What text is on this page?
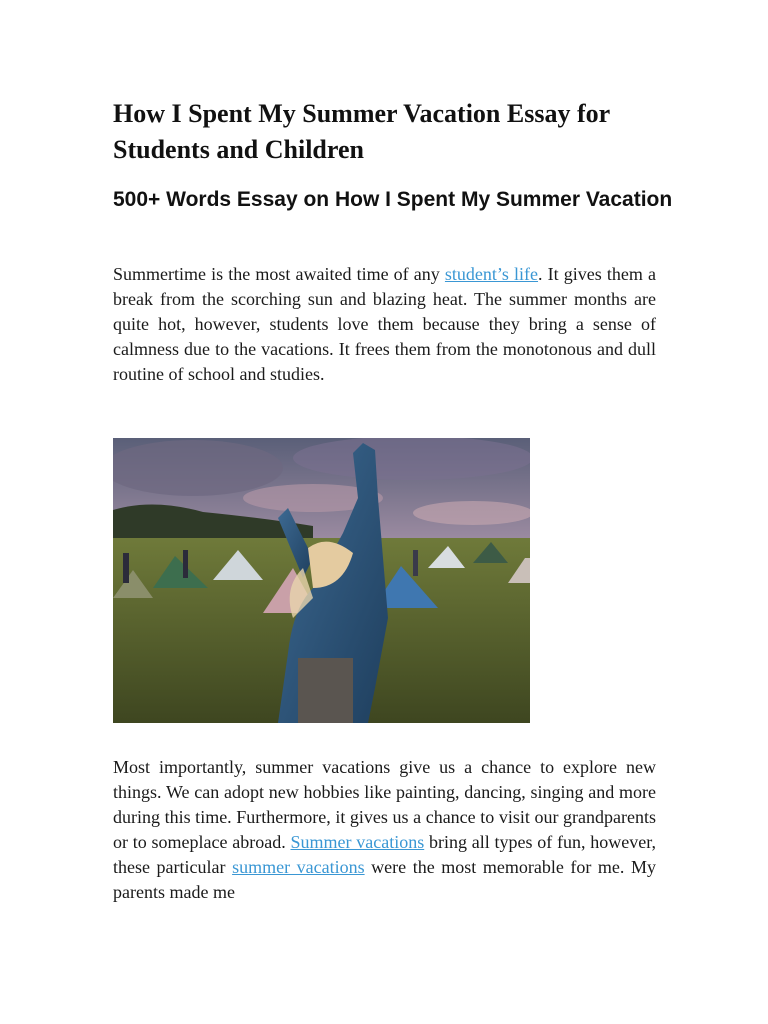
How I Spent My Summer Vacation Essay for Students and Children
500+ Words Essay on How I Spent My Summer Vacation

Summertime is the most awaited time of any student’s life. It gives them a break from the scorching sun and blazing heat. The summer months are quite hot, however, students love them because they bring a sense of calmness due to the vacations. It frees them from the monotonous and dull routine of school and studies.

Most importantly, summer vacations give us a chance to explore new things. We can adopt new hobbies like painting, dancing, singing and more during this time. Furthermore, it gives us a chance to visit our grandparents or to someplace abroad. Summer vacations bring all types of fun, however, these particular summer vacations were the most memorable for me. My parents made me
